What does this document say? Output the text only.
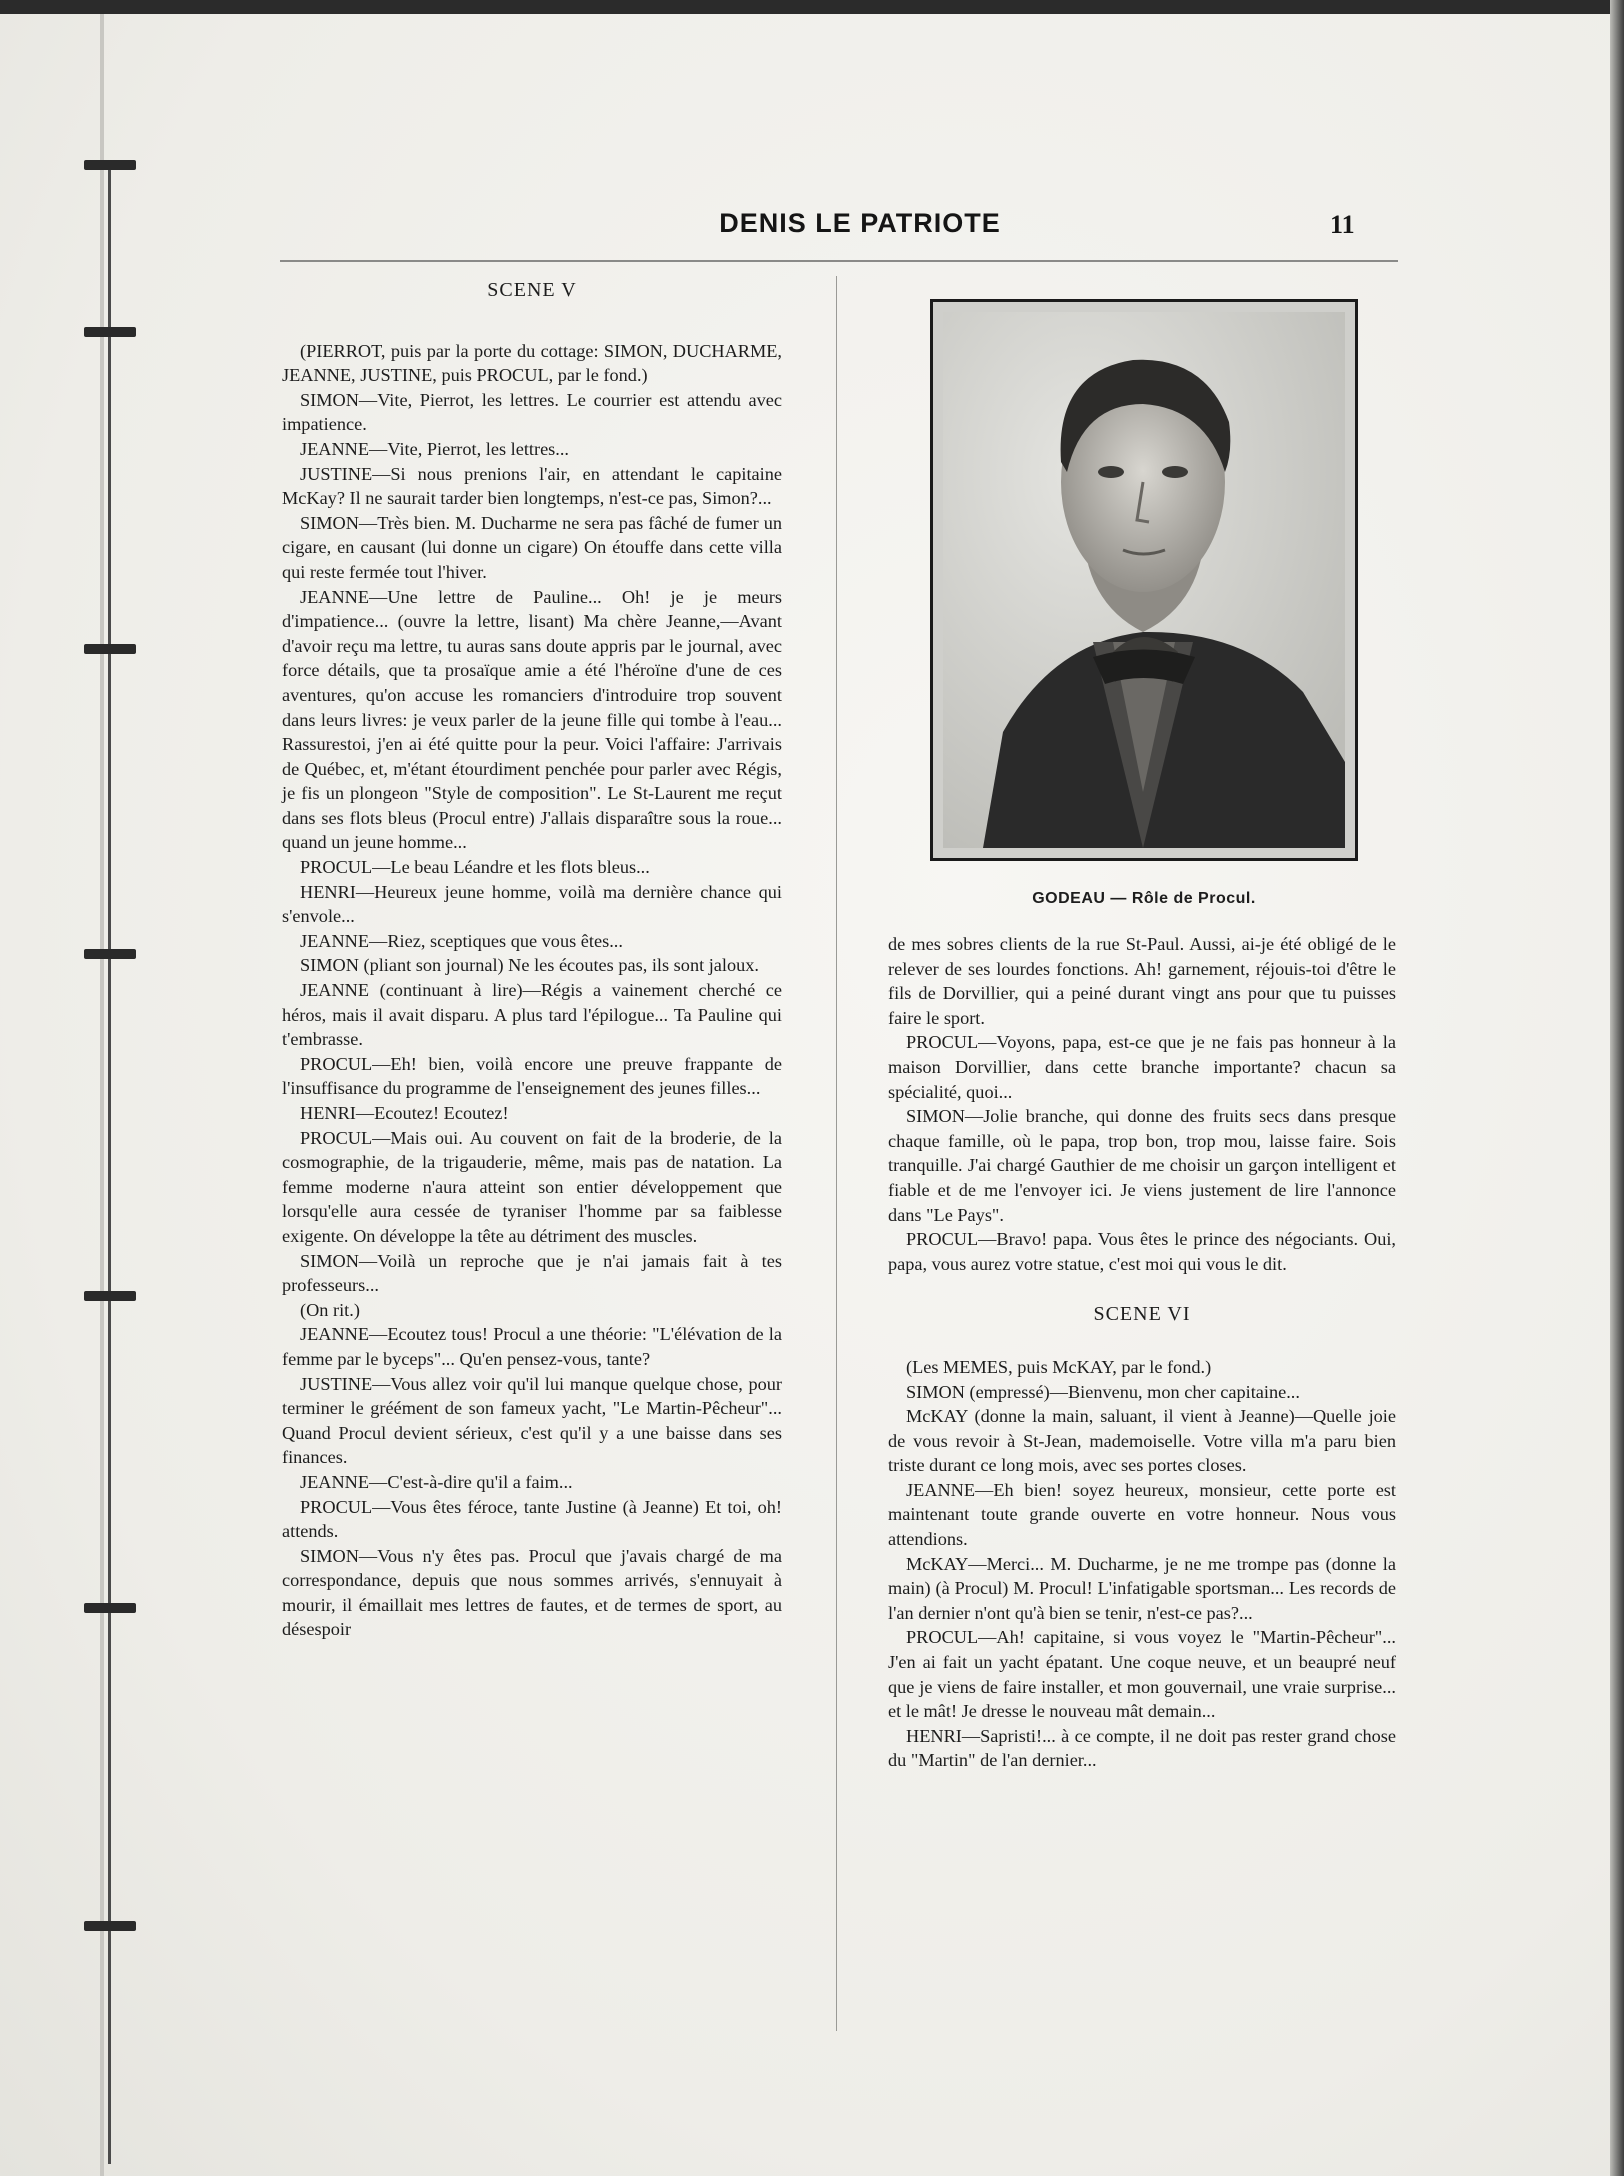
DENIS LE PATRIOTE	11
SCENE V

(PIERROT, puis par la porte du cottage: SIMON, DUCHARME, JEANNE, JUSTINE, puis PROCUL, par le fond.)

SIMON—Vite, Pierrot, les lettres. Le courrier est attendu avec impatience.

JEANNE—Vite, Pierrot, les lettres...

JUSTINE—Si nous prenions l'air, en attendant le capitaine McKay? Il ne saurait tarder bien longtemps, n'est-ce pas, Simon?...

SIMON—Très bien. M. Ducharme ne sera pas fâché de fumer un cigare, en causant (lui donne un cigare) On étouffe dans cette villa qui reste fermée tout l'hiver.

JEANNE—Une lettre de Pauline... Oh! je je meurs d'impatience... (ouvre la lettre, lisant) Ma chère Jeanne,—Avant d'avoir reçu ma lettre, tu auras sans doute appris par le journal, avec force détails, que ta prosaïque amie a été l'héroïne d'une de ces aventures, qu'on accuse les romanciers d'introduire trop souvent dans leurs livres: je veux parler de la jeune fille qui tombe à l'eau... Rassurestoi, j'en ai été quitte pour la peur. Voici l'affaire: J'arrivais de Québec, et, m'étant étourdiment penchée pour parler avec Régis, je fis un plongeon "Style de composition". Le St-Laurent me reçut dans ses flots bleus (Procul entre) J'allais disparaître sous la roue... quand un jeune homme...

PROCUL—Le beau Léandre et les flots bleus...

HENRI—Heureux jeune homme, voilà ma dernière chance qui s'envole...

JEANNE—Riez, sceptiques que vous êtes...

SIMON (pliant son journal) Ne les écoutes pas, ils sont jaloux.

JEANNE (continuant à lire)—Régis a vainement cherché ce héros, mais il avait disparu. A plus tard l'épilogue... Ta Pauline qui t'embrasse.

PROCUL—Eh! bien, voilà encore une preuve frappante de l'insuffisance du programme de l'enseignement des jeunes filles...

HENRI—Ecoutez! Ecoutez!

PROCUL—Mais oui. Au couvent on fait de la broderie, de la cosmographie, de la trigauderie, même, mais pas de natation. La femme moderne n'aura atteint son entier développement que lorsqu'elle aura cessée de tyraniser l'homme par sa faiblesse exigente. On développe la tête au détriment des muscles.

SIMON—Voilà un reproche que je n'ai jamais fait à tes professeurs...

(On rit.)

JEANNE—Ecoutez tous! Procul a une théorie: "L'élévation de la femme par le byceps"... Qu'en pensez-vous, tante?

JUSTINE—Vous allez voir qu'il lui manque quelque chose, pour terminer le gréément de son fameux yacht, "Le Martin-Pêcheur"... Quand Procul devient sérieux, c'est qu'il y a une baisse dans ses finances.

JEANNE—C'est-à-dire qu'il a faim...

PROCUL—Vous êtes féroce, tante Justine (à Jeanne) Et toi, oh! attends.

SIMON—Vous n'y êtes pas. Procul que j'avais chargé de ma correspondance, depuis que nous sommes arrivés, s'ennuyait à mourir, il émaillait mes lettres de fautes, et de termes de sport, au désespoir

GODEAU — Rôle de Procul.

de mes sobres clients de la rue St-Paul. Aussi, ai-je été obligé de le relever de ses lourdes fonctions. Ah! garnement, réjouis-toi d'être le fils de Dorvillier, qui a peiné durant vingt ans pour que tu puisses faire le sport.

PROCUL—Voyons, papa, est-ce que je ne fais pas honneur à la maison Dorvillier, dans cette branche importante? chacun sa spécialité, quoi...

SIMON—Jolie branche, qui donne des fruits secs dans presque chaque famille, où le papa, trop bon, trop mou, laisse faire. Sois tranquille. J'ai chargé Gauthier de me choisir un garçon intelligent et fiable et de me l'envoyer ici. Je viens justement de lire l'annonce dans "Le Pays".

PROCUL—Bravo! papa. Vous êtes le prince des négociants. Oui, papa, vous aurez votre statue, c'est moi qui vous le dit.

SCENE VI

(Les MEMES, puis McKAY, par le fond.)

SIMON (empressé)—Bienvenu, mon cher capitaine...

McKAY (donne la main, saluant, il vient à Jeanne)—Quelle joie de vous revoir à St-Jean, mademoiselle. Votre villa m'a paru bien triste durant ce long mois, avec ses portes closes.

JEANNE—Eh bien! soyez heureux, monsieur, cette porte est maintenant toute grande ouverte en votre honneur. Nous vous attendions.

McKAY—Merci... M. Ducharme, je ne me trompe pas (donne la main) (à Procul) M. Procul! L'infatigable sportsman... Les records de l'an dernier n'ont qu'à bien se tenir, n'est-ce pas?...

PROCUL—Ah! capitaine, si vous voyez le "Martin-Pêcheur"... J'en ai fait un yacht épatant. Une coque neuve, et un beaupré neuf que je viens de faire installer, et mon gouvernail, une vraie surprise... et le mât! Je dresse le nouveau mât demain...

HENRI—Sapristi!... à ce compte, il ne doit pas rester grand chose du "Martin" de l'an dernier...
